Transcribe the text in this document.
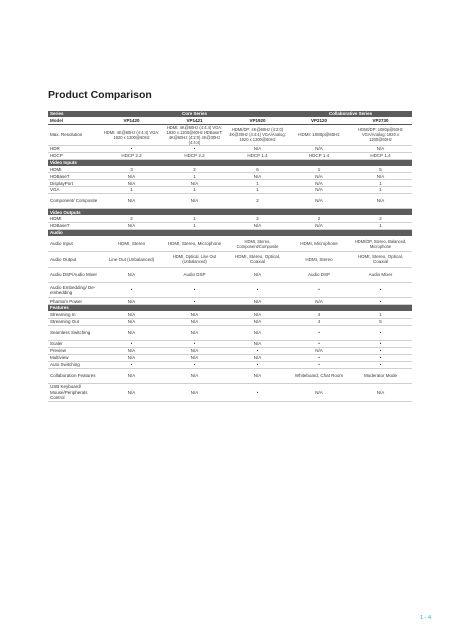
Product Comparison
Series	Core Series			Collaborative Series	
Model	VP1420	VP1421	VP1920	VP2120	VP2730
Max. Resolution	HDMI: 4K@60Hz (4:4:4) VGA: 1920 x 1200@60Hz	HDMI: 4K@60Hz (4:4:4) VGA: 1920 x 1200@60Hz HDBaseT: 4K@60Hz (4:2:0) 4K@30Hz (4:4:4)	HDMI/DP: 4K@60Hz (4:2:0) 4K@30Hz (4:4:4) VGA/Analog: 1920 x 1200@60Hz	HDMI: 1080p@60Hz	HDMI/DP: 1080p@60Hz VGA/Analog: 1920 x 1200@60Hz
HDR	•	•	N/A	N/A	N/A
HDCP	HDCP 2.2	HDCP 2.2	HDCP 1.4	HDCP 1.4	HDCP 1.4
Video Inputs					
HDMI	3	2	6	1	5
HDBaseT	N/A	1	N/A	N/A	N/A
DisplayPort	N/A	N/A	1	N/A	1
VGA	1	1	1	N/A	1
Component/ Composite	N/A	N/A	2	N/A	N/A
Video Outputs					
HDMI	2	1	2	2	2
HDBaseT	N/A	1	N/A	N/A	1
Audio					
Audio Input	HDMI, Stereo	HDMI, Stereo, Microphone	HDMI, Stereo, Component/Composite	HDMI, Microphone	HDMI/DP, Stereo, Balanced, Microphone
Audio Output	Line Out (Unbalanced)	HDMI, Optical, Line Out (Unbalanced)	HDMI, Stereo, Optical, Coaxial	HDMI, Stereo	HDMI, Stereo, Optical, Coaxial
Audio DSP/Audio Mixer	N/A	Audio DSP	N/A	Audio DSP	Audio Mixer
Audio Embedding/ De-embedding	•	•	•	•	•
Phantom Power	N/A	•	N/A	N/A	•
Features					
Streaming In	N/A	N/A	N/A	4	1
Streaming Out	N/A	N/A	N/A	4	5
Seamless Switching	N/A	N/A	N/A	•	•
Scaler	•	•	N/A	•	•
Preview	N/A	N/A	•	N/A	•
Multiview	N/A	N/A	N/A	•	•
Auto Switching	•	•	•	•	•
Collaboration Features	N/A	N/A	N/A	Whiteboard, Chat Room	Moderator Mode
USB Keyboard/ Mouse/Peripherals Control	N/A	N/A	•	N/A	N/A
1 - 4
